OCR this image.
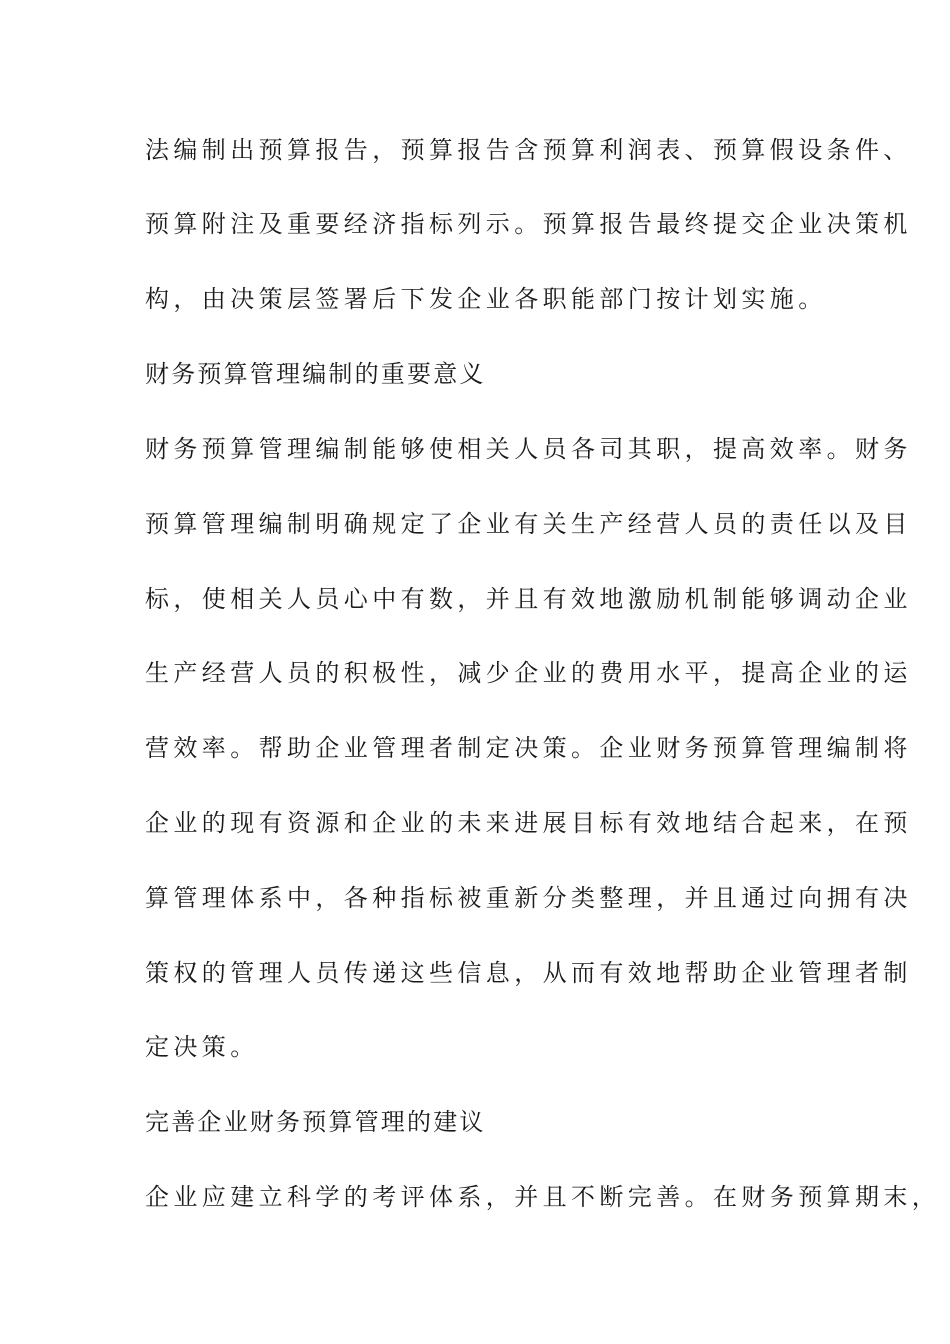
法编制出预算报告，预算报告含预算利润表、预算假设条件、
预算附注及重要经济指标列示。预算报告最终提交企业决策机
构，由决策层签署后下发企业各职能部门按计划实施。
财务预算管理编制的重要意义
财务预算管理编制能够使相关人员各司其职，提高效率。财务
预算管理编制明确规定了企业有关生产经营人员的责任以及目
标，使相关人员心中有数，并且有效地激励机制能够调动企业
生产经营人员的积极性，减少企业的费用水平，提高企业的运
营效率。帮助企业管理者制定决策。企业财务预算管理编制将
企业的现有资源和企业的未来进展目标有效地结合起来，在预
算管理体系中，各种指标被重新分类整理，并且通过向拥有决
策权的管理人员传递这些信息，从而有效地帮助企业管理者制
定决策。
完善企业财务预算管理的建议
企业应建立科学的考评体系，并且不断完善。在财务预算期末，
